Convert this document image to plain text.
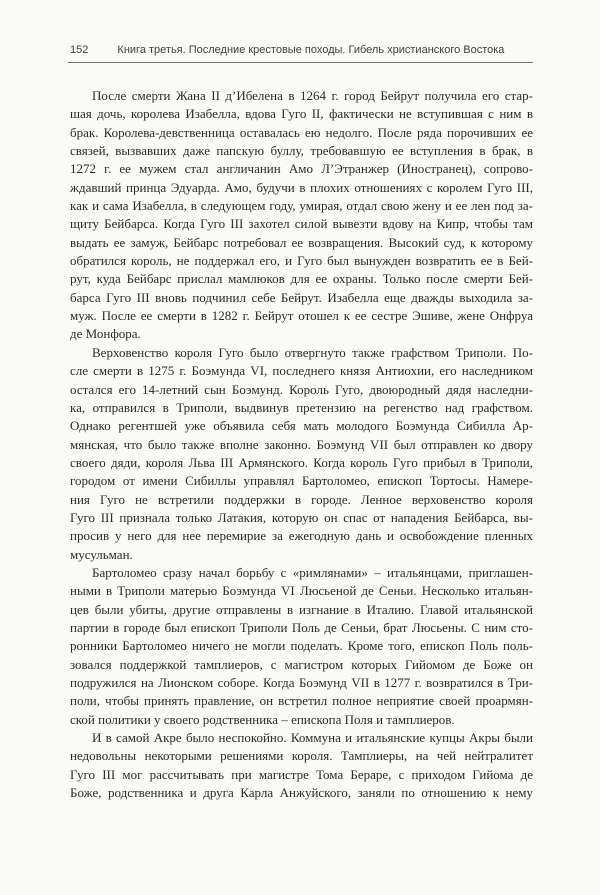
152	Книга третья. Последние крестовые походы. Гибель христианского Востока
После смерти Жана II д’Ибелена в 1264 г. город Бейрут получила его стар-
шая дочь, королева Изабелла, вдова Гуго II, фактически не вступившая с ним в
брак. Королева-девственница оставалась ею недолго. После ряда порочивших ее
связей, вызвавших даже папскую буллу, требовавшую ее вступления в брак, в
1272 г. ее мужем стал англичанин Амо Л’Этранжер (Иностранец), сопрово-
ждавший принца Эдуарда. Амо, будучи в плохих отношениях с королем Гуго III,
как и сама Изабелла, в следующем году, умирая, отдал свою жену и ее лен под за-
щиту Бейбарса. Когда Гуго III захотел силой вывезти вдову на Кипр, чтобы там
выдать ее замуж, Бейбарс потребовал ее возвращения. Высокий суд, к которому
обратился король, не поддержал его, и Гуго был вынужден возвратить ее в Бей-
рут, куда Бейбарс прислал мамлюков для ее охраны. Только после смерти Бей-
барса Гуго III вновь подчинил себе Бейрут. Изабелла еще дважды выходила за-
муж. После ее смерти в 1282 г. Бейрут отошел к ее сестре Эшиве, жене Онфруа
де Монфора.
Верховенство короля Гуго было отвергнуто также графством Триполи. По-
сле смерти в 1275 г. Боэмунда VI, последнего князя Антиохии, его наследником
остался его 14-летний сын Боэмунд. Король Гуго, двоюродный дядя наследни-
ка, отправился в Триполи, выдвинув претензию на регенство над графством.
Однако регентшей уже объявила себя мать молодого Боэмунда Сибилла Ар-
мянская, что было также вполне законно. Боэмунд VII был отправлен ко двору
своего дяди, короля Льва III Армянского. Когда король Гуго прибыл в Триполи,
городом от имени Сибиллы управлял Бартоломео, епископ Тортосы. Намере-
ния Гуго не встретили поддержки в городе. Ленное верховенство короля
Гуго III признала только Латакия, которую он спас от нападения Бейбарса, вы-
просив у него для нее перемирие за ежегодную дань и освобождение пленных
мусульман.
Бартоломео сразу начал борьбу с «римлянами» – итальянцами, приглашен-
ными в Триполи матерью Боэмунда VI Люсьеной де Сеньи. Несколько итальян-
цев были убиты, другие отправлены в изгнание в Италию. Главой итальянской
партии в городе был епископ Триполи Поль де Сеньи, брат Люсьены. С ним сто-
ронники Бартоломео ничего не могли поделать. Кроме того, епископ Поль поль-
зовался поддержкой тамплиеров, с магистром которых Гийомом де Боже он
подружился на Лионском соборе. Когда Боэмунд VII в 1277 г. возвратился в Три-
поли, чтобы принять правление, он встретил полное неприятие своей проармян-
ской политики у своего родственника – епископа Поля и тамплиеров.
И в самой Акре было неспокойно. Коммуна и итальянские купцы Акры были
недовольны некоторыми решениями короля. Тамплиеры, на чей нейтралитет
Гуго III мог рассчитывать при магистре Тома Бераре, с приходом Гийома де
Боже, родственника и друга Карла Анжуйского, заняли по отношению к нему
